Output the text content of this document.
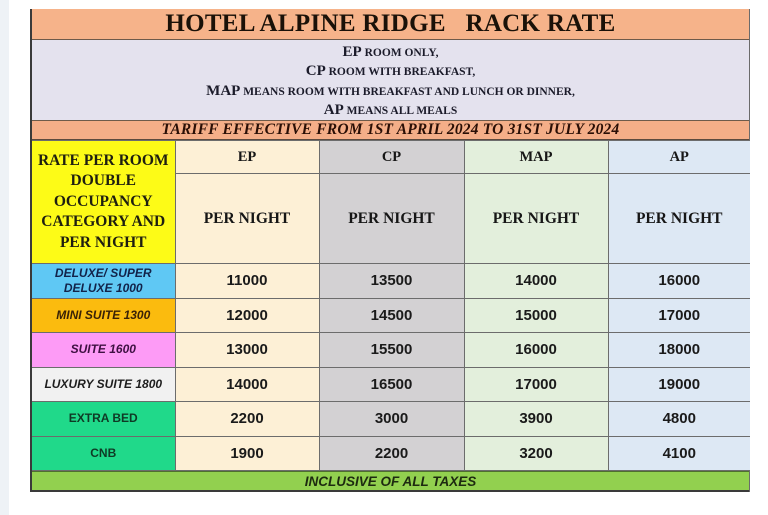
HOTEL ALPINE RIDGE   RACK RATE
EP ROOM ONLY,
CP ROOM WITH BREAKFAST,
MAP MEANS ROOM WITH BREAKFAST AND LUNCH OR DINNER,
AP MEANS ALL MEALS
TARIFF EFFECTIVE FROM 1ST APRIL 2024 TO 31ST JULY 2024
RATE PER ROOM DOUBLE OCCUPANCY CATEGORY AND PER NIGHT	EP	CP	MAP	AP
	PER NIGHT	PER NIGHT	PER NIGHT	PER NIGHT
DELUXE/ SUPER DELUXE 1000	11000	13500	14000	16000
MINI SUITE 1300	12000	14500	15000	17000
SUITE 1600	13000	15500	16000	18000
LUXURY SUITE 1800	14000	16500	17000	19000
EXTRA BED	2200	3000	3900	4800
CNB	1900	2200	3200	4100
INCLUSIVE OF ALL TAXES
